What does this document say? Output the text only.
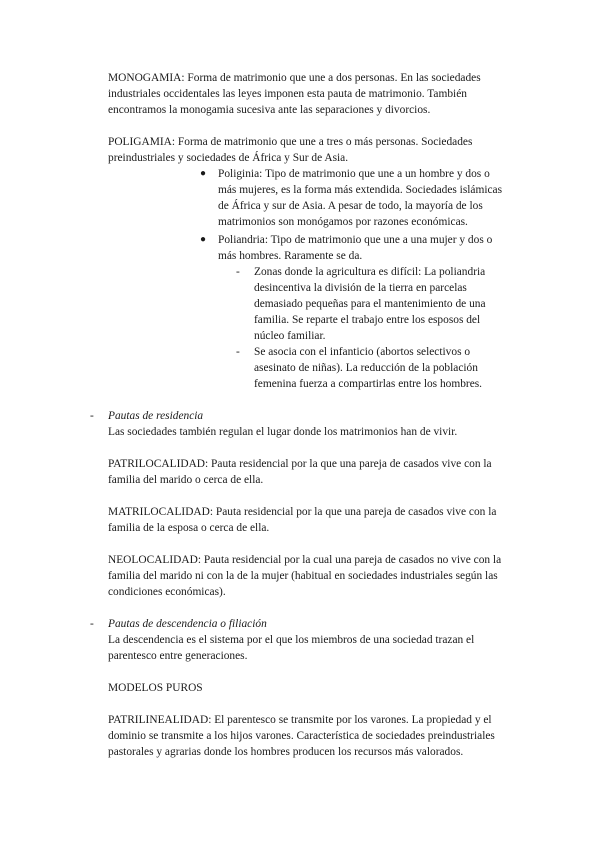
MONOGAMIA: Forma de matrimonio que une a dos personas. En las sociedades
industriales occidentales las leyes imponen esta pauta de matrimonio. También
encontramos la monogamia sucesiva ante las separaciones y divorcios.

POLIGAMIA: Forma de matrimonio que une a tres o más personas. Sociedades
preindustriales y sociedades de África y Sur de Asia.

● Poliginia: Tipo de matrimonio que une a un hombre y dos o
más mujeres, es la forma más extendida. Sociedades islámicas
de África y sur de Asia. A pesar de todo, la mayoría de los
matrimonios son monógamos por razones económicas.

● Poliandria: Tipo de matrimonio que une a una mujer y dos o
más hombres. Raramente se da.

- Zonas donde la agricultura es difícil: La poliandria
desincentiva la división de la tierra en parcelas
demasiado pequeñas para el mantenimiento de una
familia. Se reparte el trabajo entre los esposos del
núcleo familiar.

- Se asocia con el infanticio (abortos selectivos o
asesinato de niñas). La reducción de la población
femenina fuerza a compartirlas entre los hombres.

- Pautas de residencia
Las sociedades también regulan el lugar donde los matrimonios han de vivir.

PATRILOCALIDAD: Pauta residencial por la que una pareja de casados vive con la
familia del marido o cerca de ella.

MATRILOCALIDAD: Pauta residencial por la que una pareja de casados vive con la
familia de la esposa o cerca de ella.

NEOLOCALIDAD: Pauta residencial por la cual una pareja de casados no vive con la
familia del marido ni con la de la mujer (habitual en sociedades industriales según las
condiciones económicas).

- Pautas de descendencia o filiación
La descendencia es el sistema por el que los miembros de una sociedad trazan el
parentesco entre generaciones.

MODELOS PUROS

PATRILINEALIDAD: El parentesco se transmite por los varones. La propiedad y el
dominio se transmite a los hijos varones. Característica de sociedades preindustriales
pastorales y agrarias donde los hombres producen los recursos más valorados.
